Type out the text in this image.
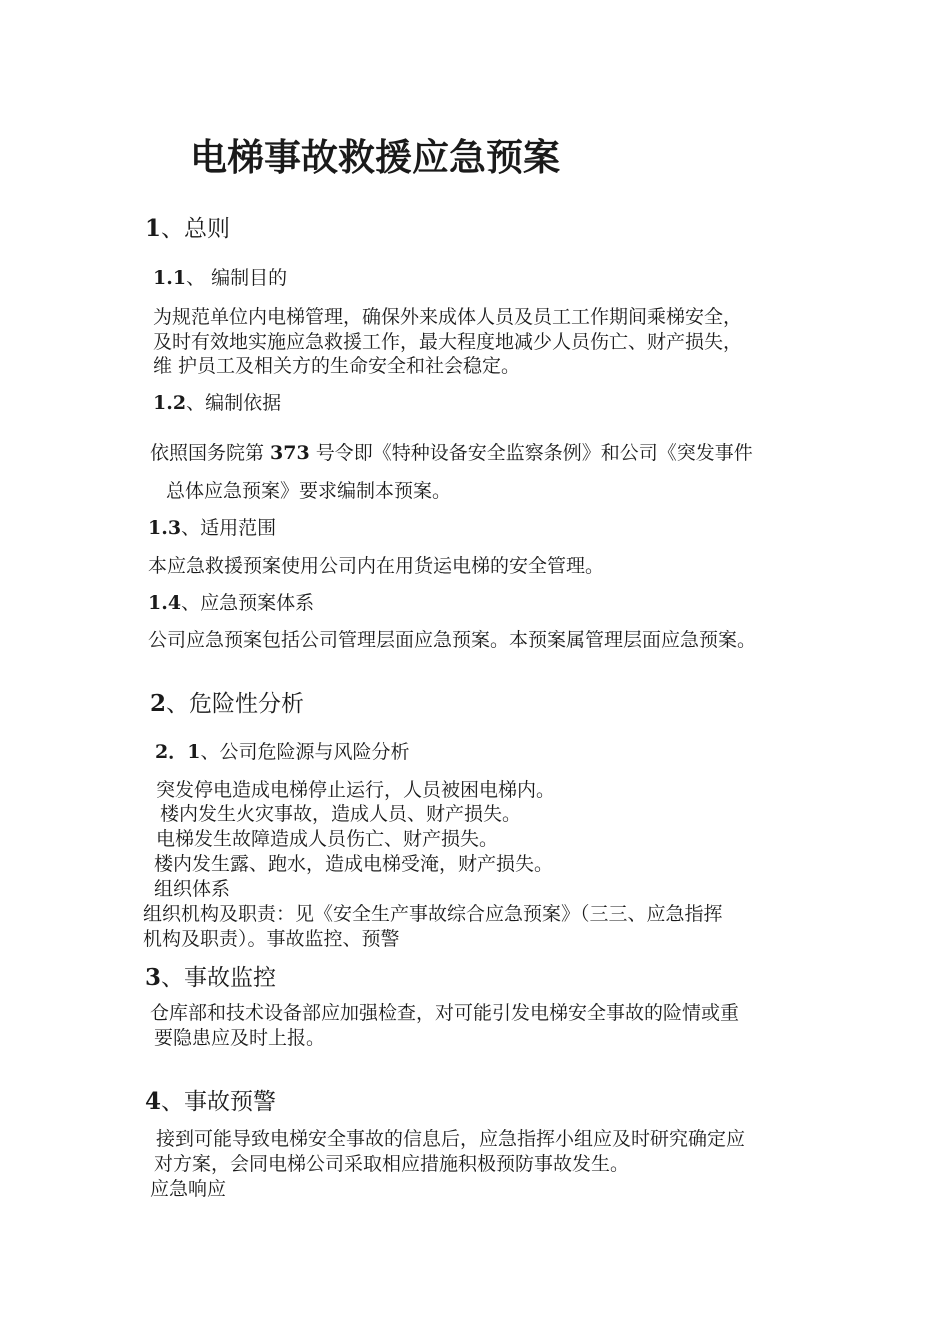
电梯事故救援应急预案
1、总则
1.1、 编制目的

为规范单位内电梯管理，确保外来成体人员及员工工作期间乘梯安全，

及时有效地实施应急救援工作，最大程度地减少人员伤亡、财产损失，

维 护员工及相关方的生命安全和社会稳定。

1.2、编制依据

依照国务院第 373 号令即《特种设备安全监察条例》和公司《突发事件

总体应急预案》要求编制本预案。

1.3、适用范围

本应急救援预案使用公司内在用货运电梯的安全管理。

1.4、应急预案体系

公司应急预案包括公司管理层面应急预案。本预案属管理层面应急预案。

2、危险性分析
2．1、公司危险源与风险分析

突发停电造成电梯停止运行，人员被困电梯内。

楼内发生火灾事故，造成人员、财产损失。

电梯发生故障造成人员伤亡、财产损失。

楼内发生露、跑水，造成电梯受淹，财产损失。

组织体系

组织机构及职责：见《安全生产事故综合应急预案》（三三、应急指挥

机构及职责）。事故监控、预警

3、事故监控

仓库部和技术设备部应加强检查，对可能引发电梯安全事故的险情或重

要隐患应及时上报。

4、事故预警

接到可能导致电梯安全事故的信息后，应急指挥小组应及时研究确定应

对方案，会同电梯公司采取相应措施积极预防事故发生。

应急响应
